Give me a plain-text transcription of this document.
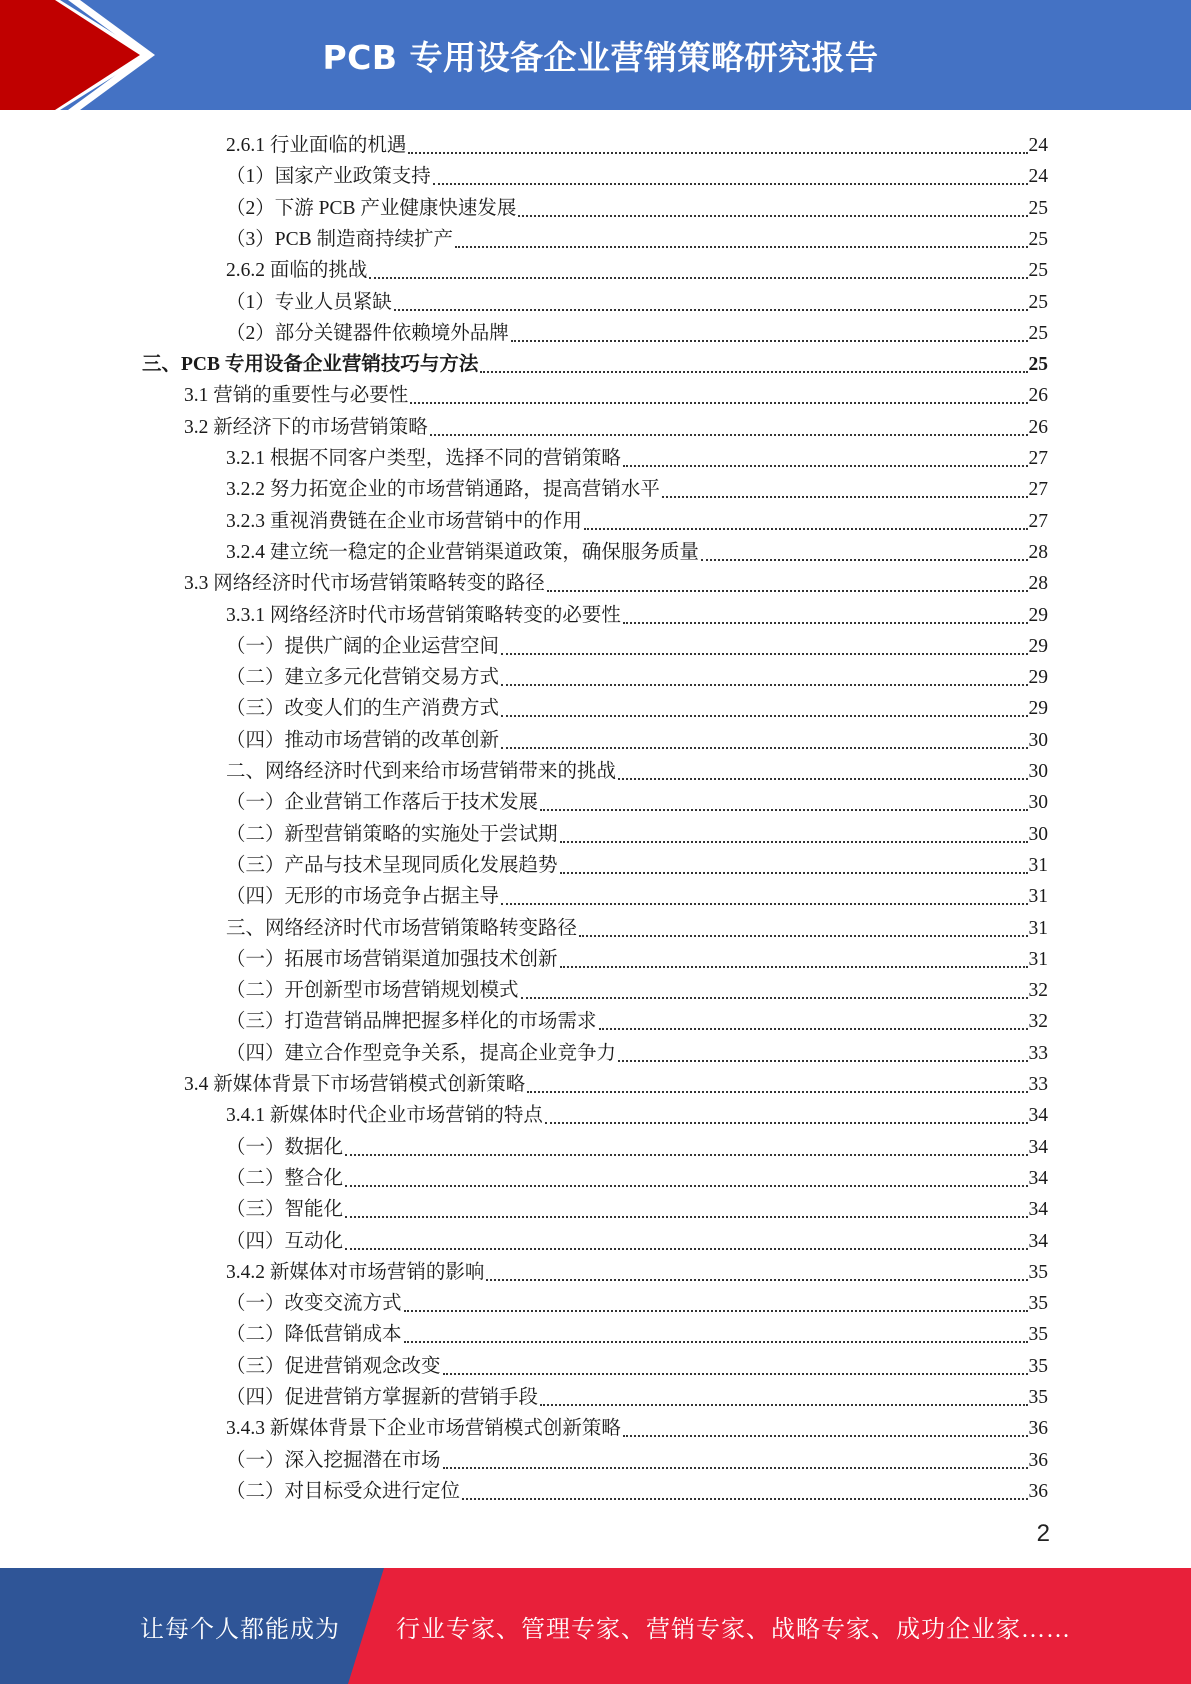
PCB 专用设备企业营销策略研究报告
2.6.1 行业面临的机遇	24
（1）国家产业政策支持	24
（2）下游 PCB 产业健康快速发展	25
（3）PCB 制造商持续扩产	25
2.6.2 面临的挑战	25
（1）专业人员紧缺	25
（2）部分关键器件依赖境外品牌	25
三、PCB 专用设备企业营销技巧与方法	25
3.1 营销的重要性与必要性	26
3.2 新经济下的市场营销策略	26
3.2.1 根据不同客户类型，选择不同的营销策略	27
3.2.2 努力拓宽企业的市场营销通路，提高营销水平	27
3.2.3 重视消费链在企业市场营销中的作用	27
3.2.4 建立统一稳定的企业营销渠道政策，确保服务质量	28
3.3 网络经济时代市场营销策略转变的路径	28
3.3.1 网络经济时代市场营销策略转变的必要性	29
（一）提供广阔的企业运营空间	29
（二）建立多元化营销交易方式	29
（三）改变人们的生产消费方式	29
（四）推动市场营销的改革创新	30
二、网络经济时代到来给市场营销带来的挑战	30
（一）企业营销工作落后于技术发展	30
（二）新型营销策略的实施处于尝试期	30
（三）产品与技术呈现同质化发展趋势	31
（四）无形的市场竞争占据主导	31
三、网络经济时代市场营销策略转变路径	31
（一）拓展市场营销渠道加强技术创新	31
（二）开创新型市场营销规划模式	32
（三）打造营销品牌把握多样化的市场需求	32
（四）建立合作型竞争关系，提高企业竞争力	33
3.4 新媒体背景下市场营销模式创新策略	33
3.4.1 新媒体时代企业市场营销的特点	34
（一）数据化	34
（二）整合化	34
（三）智能化	34
（四）互动化	34
3.4.2 新媒体对市场营销的影响	35
（一）改变交流方式	35
（二）降低营销成本	35
（三）促进营销观念改变	35
（四）促进营销方掌握新的营销手段	35
3.4.3 新媒体背景下企业市场营销模式创新策略	36
（一）深入挖掘潜在市场	36
（二）对目标受众进行定位	36
2
让每个人都能成为 行业专家、管理专家、营销专家、战略专家、成功企业家……
